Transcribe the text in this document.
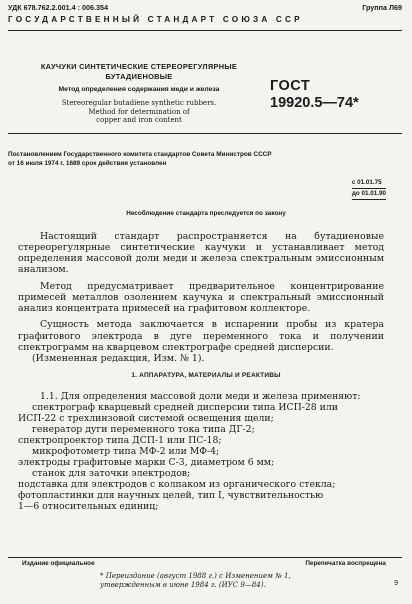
УДК 678.762.2.001.4 : 006.354	Группа Л69
ГОСУДАРСТВЕННЫЙ СТАНДАРТ СОЮЗА ССР
КАУЧУКИ СИНТЕТИЧЕСКИЕ СТЕРЕОРЕГУЛЯРНЫЕ
БУТАДИЕНОВЫЕ
Метод определения содержания меди и железа
Stereoregular butadiene synthetic rubbers.
Method for determination of
copper and iron content
ГОСТ
19920.5—74*
Постановлением Государственного комитета стандартов Совета Министров СССР
от 16 июля 1974 г. 1689 срок действия установлен
с 01.01.75
до 01.01.90
Несоблюдение стандарта преследуется по закону

Настоящий стандарт распространяется на бутадиеновые стереорегулярные синтетические каучуки и устанавливает метод определения массовой доли меди и железа спектральным эмиссионным анализом.

Метод предусматривает предварительное концентрирование примесей металлов озолением каучука и спектральный эмиссионный анализ концентрата примесей на графитовом коллекторе.

Сущность метода заключается в испарении пробы из кратера графитового электрода в дуге переменного тока и получении спектрограмм на кварцевом спектрографе средней дисперсии.

(Измененная редакция, Изм. № 1).

1. АППАРАТУРА, МАТЕРИАЛЫ И РЕАКТИВЫ
1.1. Для определения массовой доли меди и железа применяют:
спектрограф кварцевый средней дисперсии типа ИСП-28 или
ИСП-22 с трехлинзовой системой освещения щели;
генератор дуги переменного тока типа ДГ-2;
спектропроектор типа ДСП-1 или ПС-18;
микрофотометр типа МФ-2 или МФ-4;
электроды графитовые марки С-3, диаметром 6 мм;
станок для заточки электродов;
подставка для электродов с колпаком из органического стекла;
фотопластинки для научных целей, тип I, чувствительностью
1—6 относительных единиц;
Издание официальное	Перепечатка воспрещена
* Переиздание (август 1988 г.) с Изменением № 1,
утвержденным в июне 1984 г. (ИУС 9—84).	9
